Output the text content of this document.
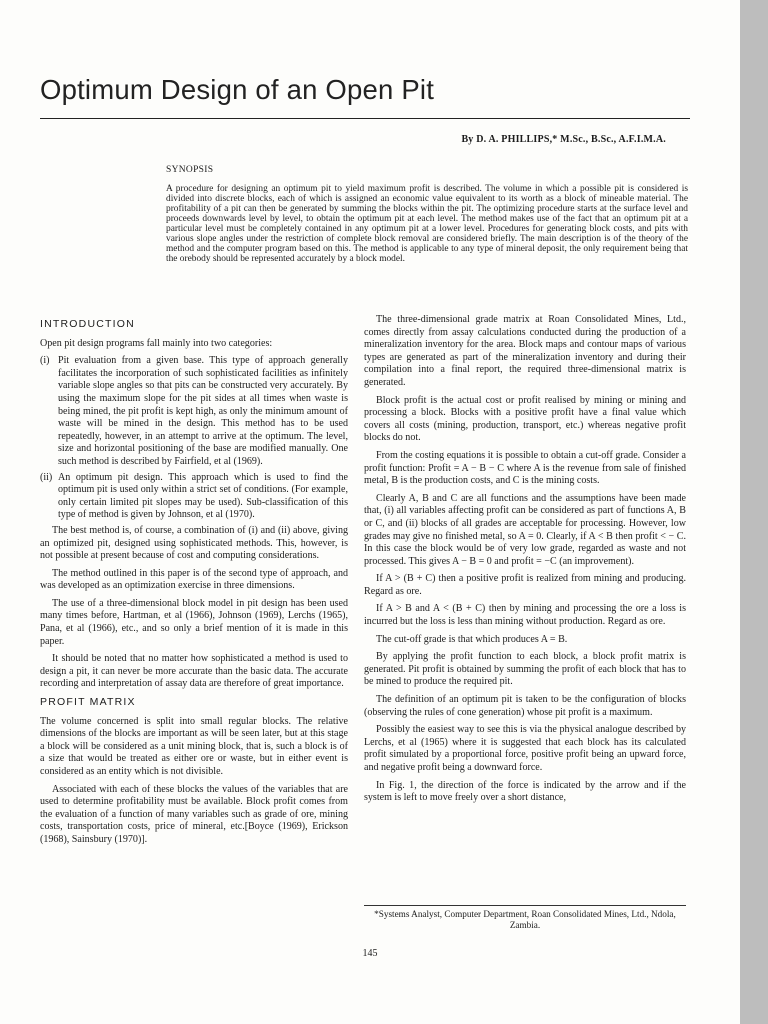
Optimum Design of an Open Pit
By D. A. PHILLIPS,* M.Sc., B.Sc., A.F.I.M.A.
SYNOPSIS

A procedure for designing an optimum pit to yield maximum profit is described. The volume in which a possible pit is considered is divided into discrete blocks, each of which is assigned an economic value equivalent to its worth as a block of mineable material. The profitability of a pit can then be generated by summing the blocks within the pit. The optimizing procedure starts at the surface level and proceeds downwards level by level, to obtain the optimum pit at each level. The method makes use of the fact that an optimum pit at a particular level must be completely contained in any optimum pit at a lower level. Procedures for generating block costs, and pits with various slope angles under the restriction of complete block removal are considered briefly. The main description is of the theory of the method and the computer program based on this. The method is applicable to any type of mineral deposit, the only requirement being that the orebody should be represented accurately by a block model.

INTRODUCTION

Open pit design programs fall mainly into two categories:

(i) Pit evaluation from a given base. This type of approach generally facilitates the incorporation of such sophisticated facilities as infinitely variable slope angles so that pits can be constructed very accurately. By using the maximum slope for the pit sides at all times when waste is being mined, the pit profit is kept high, as only the minimum amount of waste will be mined in the design. This method has to be used repeatedly, however, in an attempt to arrive at the optimum. The level, size and horizontal positioning of the base are modified manually. One such method is described by Fairfield, et al (1969).
(ii) An optimum pit design. This approach which is used to find the optimum pit is used only within a strict set of conditions. (For example, only certain limited pit slopes may be used). Sub-classification of this type of method is given by Johnson, et al (1970).

The best method is, of course, a combination of (i) and (ii) above, giving an optimized pit, designed using sophisticated methods. This, however, is not possible at present because of cost and computing considerations.

The method outlined in this paper is of the second type of approach, and was developed as an optimization exercise in three dimensions.

The use of a three-dimensional block model in pit design has been used many times before, Hartman, et al (1966), Johnson (1969), Lerchs (1965), Pana, et al (1966), etc., and so only a brief mention of it is made in this paper.

It should be noted that no matter how sophisticated a method is used to design a pit, it can never be more accurate than the basic data. The accurate recording and interpretation of assay data are therefore of great importance.

PROFIT MATRIX

The volume concerned is split into small regular blocks. The relative dimensions of the blocks are important as will be seen later, but at this stage a block will be considered as a unit mining block, that is, such a block is of a size that would be treated as either ore or waste, but in either event is considered as an entity which is not divisible.

Associated with each of these blocks the values of the variables that are used to determine profitability must be available. Block profit comes from the evaluation of a function of many variables such as grade of ore, mining costs, transportation costs, price of mineral, etc.[Boyce (1969), Erickson (1968), Sainsbury (1970)].

The three-dimensional grade matrix at Roan Consolidated Mines, Ltd., comes directly from assay calculations conducted during the production of a mineralization inventory for the area. Block maps and contour maps of various types are generated as part of the mineralization inventory and during their compilation into a final report, the required three-dimensional matrix is generated.

Block profit is the actual cost or profit realised by mining or mining and processing a block. Blocks with a positive profit have a final value which covers all costs (mining, production, transport, etc.) whereas negative profit blocks do not.

From the costing equations it is possible to obtain a cut-off grade. Consider a profit function: Profit = A − B − C where A is the revenue from sale of finished metal, B is the production costs, and C is the mining costs.

Clearly A, B and C are all functions and the assumptions have been made that, (i) all variables affecting profit can be considered as part of functions A, B or C, and (ii) blocks of all grades are acceptable for processing. However, low grades may give no finished metal, so A = 0. Clearly, if A < B then profit < − C. In this case the block would be of very low grade, regarded as waste and not processed. This gives A − B = 0 and profit = −C (an improvement).

If A > (B + C) then a positive profit is realized from mining and producing. Regard as ore.

If A > B and A < (B + C) then by mining and processing the ore a loss is incurred but the loss is less than mining without production. Regard as ore.

The cut-off grade is that which produces A = B.

By applying the profit function to each block, a block profit matrix is generated. Pit profit is obtained by summing the profit of each block that has to be mined to produce the required pit.

The definition of an optimum pit is taken to be the configuration of blocks (observing the rules of cone generation) whose pit profit is a maximum.

Possibly the easiest way to see this is via the physical analogue described by Lerchs, et al (1965) where it is suggested that each block has its calculated profit simulated by a proportional force, positive profit being an upward force, and negative profit being a downward force.

In Fig. 1, the direction of the force is indicated by the arrow and if the system is left to move freely over a short distance,

*Systems Analyst, Computer Department, Roan Consolidated Mines, Ltd., Ndola, Zambia.
145
